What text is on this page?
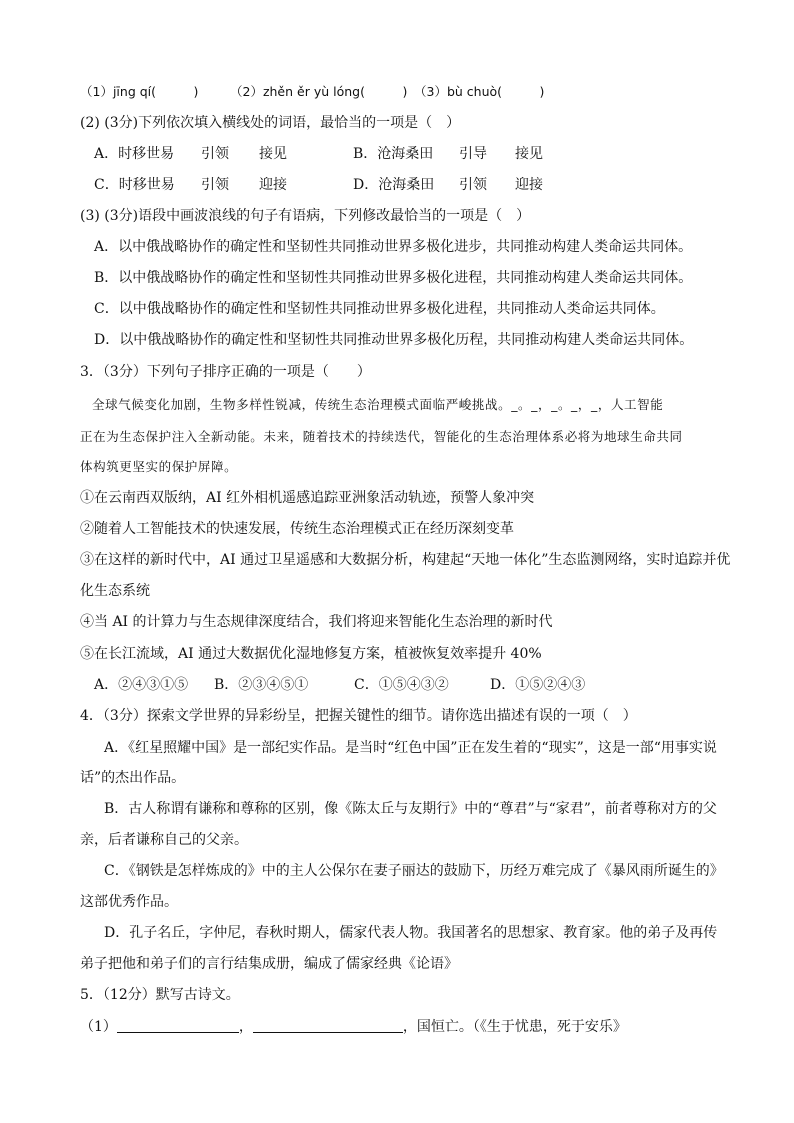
（1）jīng qí(　　　)	（2）zhěn ěr yù lóng(　　　) （3）bù chuò(　　　)
(2) (3分)下列依次填入横线处的词语，最恰当的一项是（　）
A．时移世易 引领 接见	B．沧海桑田 引导 接见
C．时移世易 引领 迎接	D．沧海桑田 引领 迎接
(3) (3分)语段中画波浪线的句子有语病，下列修改最恰当的一项是（　）
A．以中俄战略协作的确定性和坚韧性共同推动世界多极化进步，共同推动构建人类命运共同体。
B．以中俄战略协作的确定性和坚韧性共同推动世界多极化进程，共同推动构建人类命运共同体。
C．以中俄战略协作的确定性和坚韧性共同推动世界多极化进程，共同推动人类命运共同体。
D．以中俄战略协作的确定性和坚韧性共同推动世界多极化历程，共同推动构建人类命运共同体。
3．（3分）下列句子排序正确的一项是（　　）
全球气候变化加剧，生物多样性锐减，传统生态治理模式面临严峻挑战。_。_，_。_，_，人工智能
正在为生态保护注入全新动能。未来，随着技术的持续迭代，智能化的生态治理体系必将为地球生命共同
体构筑更坚实的保护屏障。
①在云南西双版纳，AI 红外相机遥感追踪亚洲象活动轨迹，预警人象冲突
②随着人工智能技术的快速发展，传统生态治理模式正在经历深刻变革
③在这样的新时代中，AI 通过卫星遥感和大数据分析，构建起“天地一体化”生态监测网络，实时追踪并优
化生态系统
④当 AI 的计算力与生态规律深度结合，我们将迎来智能化生态治理的新时代
⑤在长江流域，AI 通过大数据优化湿地修复方案，植被恢复效率提升 40%
A．②④③①⑤ B．②③④⑤①	C．①⑤④③②	D．①⑤②④③
4．（3分）探索文学世界的异彩纷呈，把握关键性的细节。请你选出描述有误的一项（　）
A．《红星照耀中国》是一部纪实作品。是当时“红色中国”正在发生着的“现实”，这是一部“用事实说
话”的杰出作品。
B．古人称谓有谦称和尊称的区别，像《陈太丘与友期行》中的“尊君”与“家君”，前者尊称对方的父
亲，后者谦称自己的父亲。
C．《钢铁是怎样炼成的》中的主人公保尔在妻子丽达的鼓励下，历经万难完成了《暴风雨所诞生的》
这部优秀作品。
D．孔子名丘，字仲尼，春秋时期人，儒家代表人物。我国著名的思想家、教育家。他的弟子及再传
弟子把他和弟子们的言行结集成册，编成了儒家经典《论语》
5．（12分）默写古诗文。
（1）	，	，国恒亡。（《生于忧患，死于安乐》
